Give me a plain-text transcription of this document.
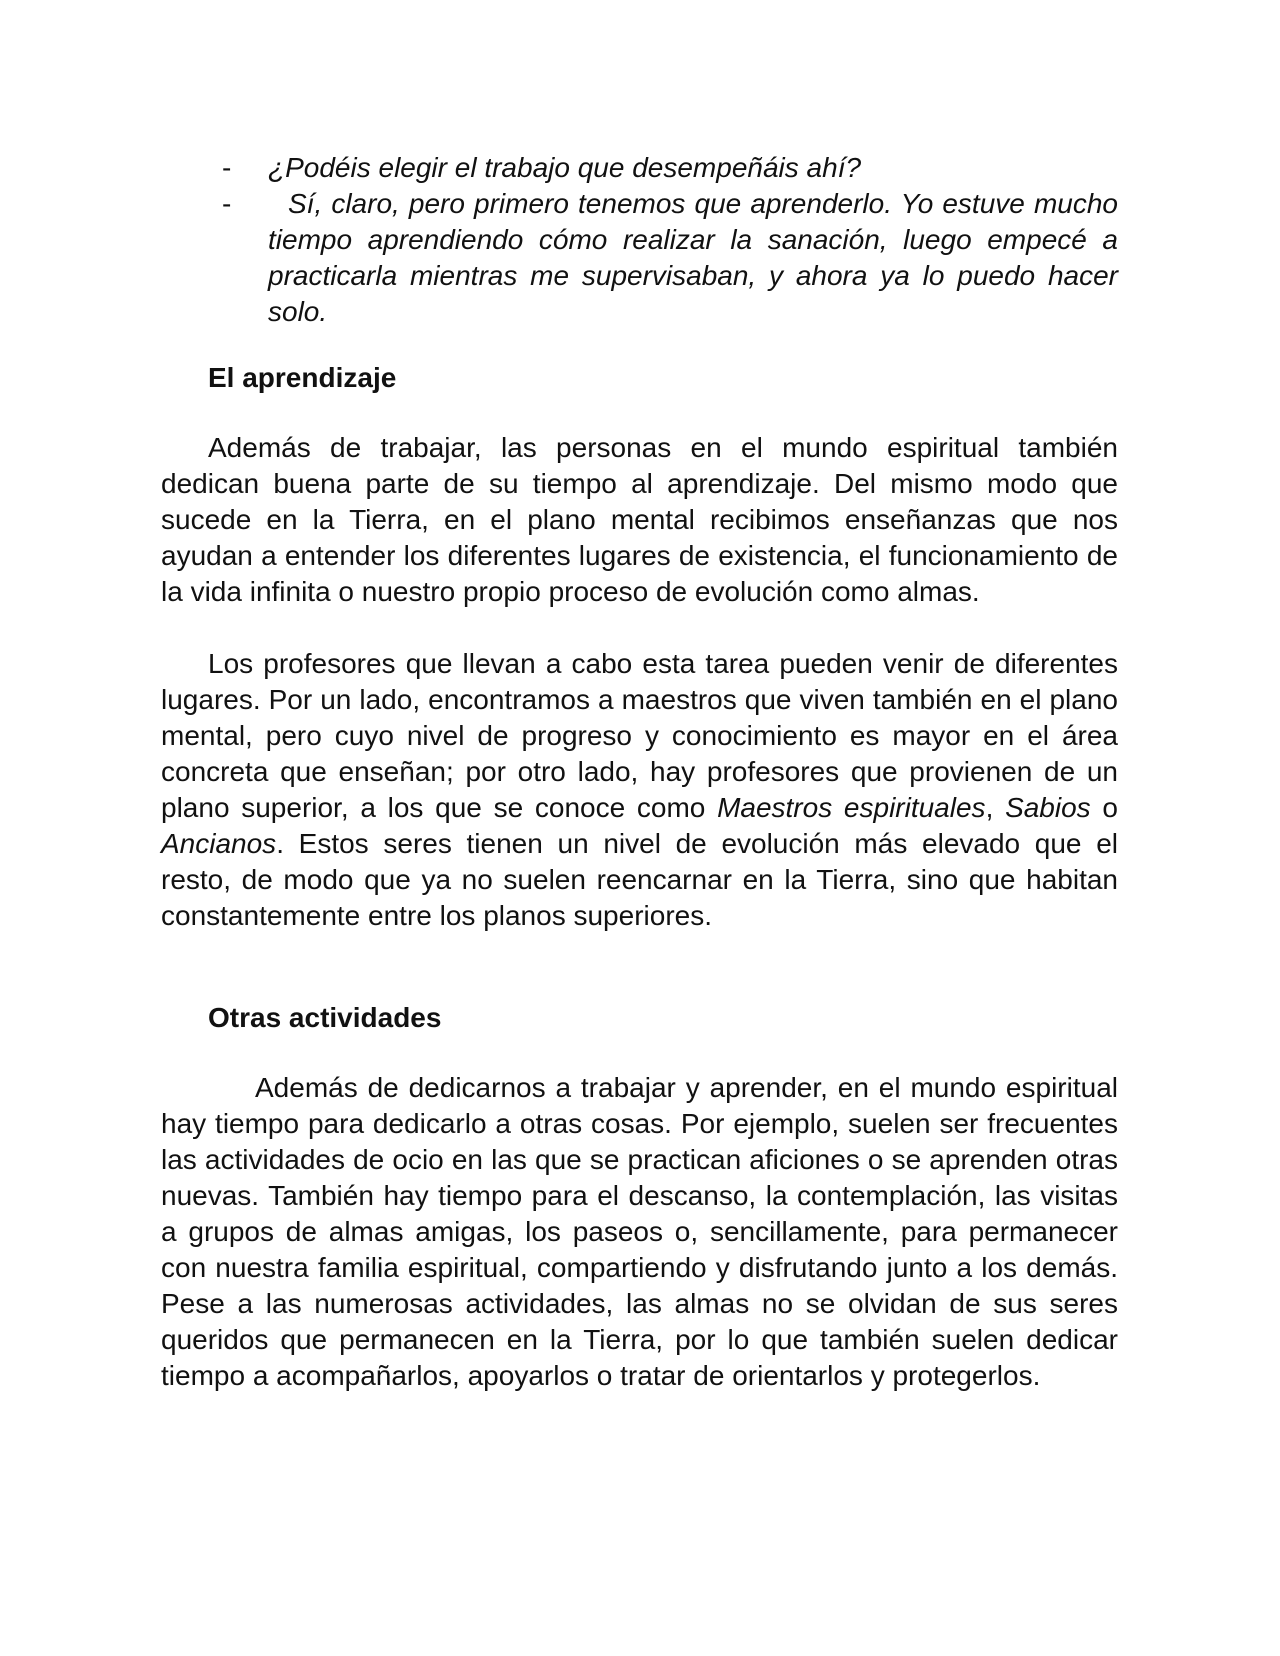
- ¿Podéis elegir el trabajo que desempeñáis ahí?
-	Sí, claro, pero primero tenemos que aprenderlo. Yo estuve mucho tiempo aprendiendo cómo realizar la sanación, luego empecé a practicarla mientras me supervisaban, y ahora ya lo puedo hacer solo.
El aprendizaje

Además de trabajar, las personas en el mundo espiritual también dedican buena parte de su tiempo al aprendizaje. Del mismo modo que sucede en la Tierra, en el plano mental recibimos enseñanzas que nos ayudan a entender los diferentes lugares de existencia, el funcionamiento de la vida infinita o nuestro propio proceso de evolución como almas.

Los profesores que llevan a cabo esta tarea pueden venir de diferentes lugares. Por un lado, encontramos a maestros que viven también en el plano mental, pero cuyo nivel de progreso y conocimiento es mayor en el área concreta que enseñan; por otro lado, hay profesores que provienen de un plano superior, a los que se conoce como Maestros espirituales, Sabios o Ancianos. Estos seres tienen un nivel de evolución más elevado que el resto, de modo que ya no suelen reencarnar en la Tierra, sino que habitan constantemente entre los planos superiores.

Otras actividades

Además de dedicarnos a trabajar y aprender, en el mundo espiritual hay tiempo para dedicarlo a otras cosas. Por ejemplo, suelen ser frecuentes las actividades de ocio en las que se practican aficiones o se aprenden otras nuevas. También hay tiempo para el descanso, la contemplación, las visitas a grupos de almas amigas, los paseos o, sencillamente, para permanecer con nuestra familia espiritual, compartiendo y disfrutando junto a los demás. Pese a las numerosas actividades, las almas no se olvidan de sus seres queridos que permanecen en la Tierra, por lo que también suelen dedicar tiempo a acompañarlos, apoyarlos o tratar de orientarlos y protegerlos.
